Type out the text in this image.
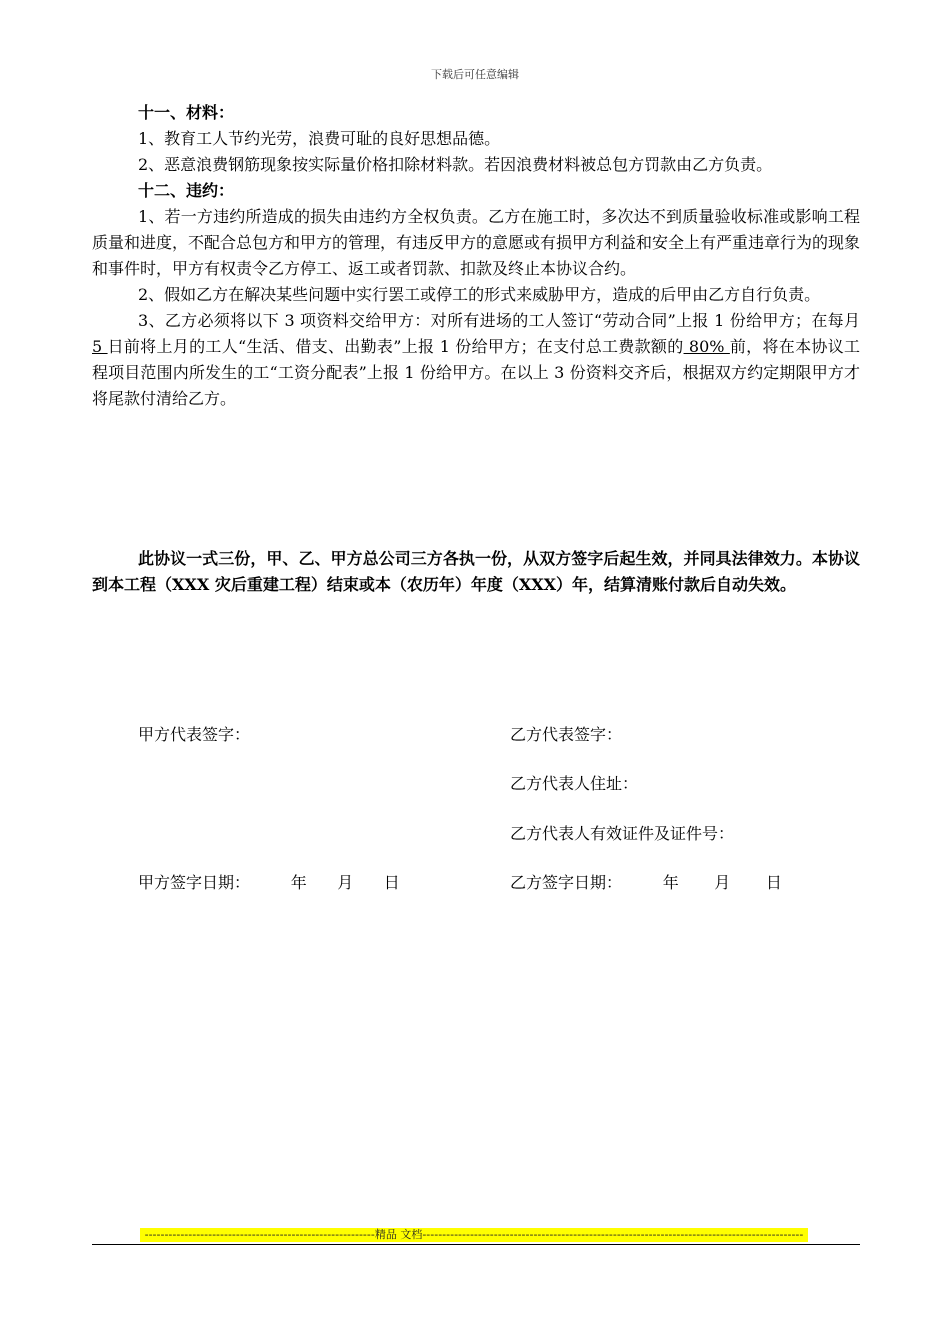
下载后可任意编辑

十一、材料：

1、教育工人节约光劳，浪费可耻的良好思想品德。

2、恶意浪费钢筋现象按实际量价格扣除材料款。若因浪费材料被总包方罚款由乙方负责。

十二、违约：

1、若一方违约所造成的损失由违约方全权负责。乙方在施工时，多次达不到质量验收标准或影响工程质量和进度，不配合总包方和甲方的管理，有违反甲方的意愿或有损甲方利益和安全上有严重违章行为的现象和事件时，甲方有权责令乙方停工、返工或者罚款、扣款及终止本协议合约。

2、假如乙方在解决某些问题中实行罢工或停工的形式来威胁甲方，造成的后甲由乙方自行负责。

3、乙方必须将以下 3 项资料交给甲方：对所有进场的工人签订“劳动合同”上报 1 份给甲方；在每月 5 日前将上月的工人“生活、借支、出勤表”上报 1 份给甲方；在支付总工费款额的 80% 前，将在本协议工程项目范围内所发生的工“工资分配表”上报 1 份给甲方。在以上 3 份资料交齐后，根据双方约定期限甲方才将尾款付清给乙方。

此协议一式三份，甲、乙、甲方总公司三方各执一份，从双方签字后起生效，并同具法律效力。本协议到本工程（XXX 灾后重建工程）结束或本（农历年）年度（XXX）年，结算清账付款后自动失效。
甲方代表签字：	乙方代表签字：
乙方代表人住址：
乙方代表人有效证件及证件号：
甲方签字日期：        年      月      日	乙方签字日期：        年       月       日
----------------------------------------------------------精品 文档------------------------------------------------------------------------------------------------
